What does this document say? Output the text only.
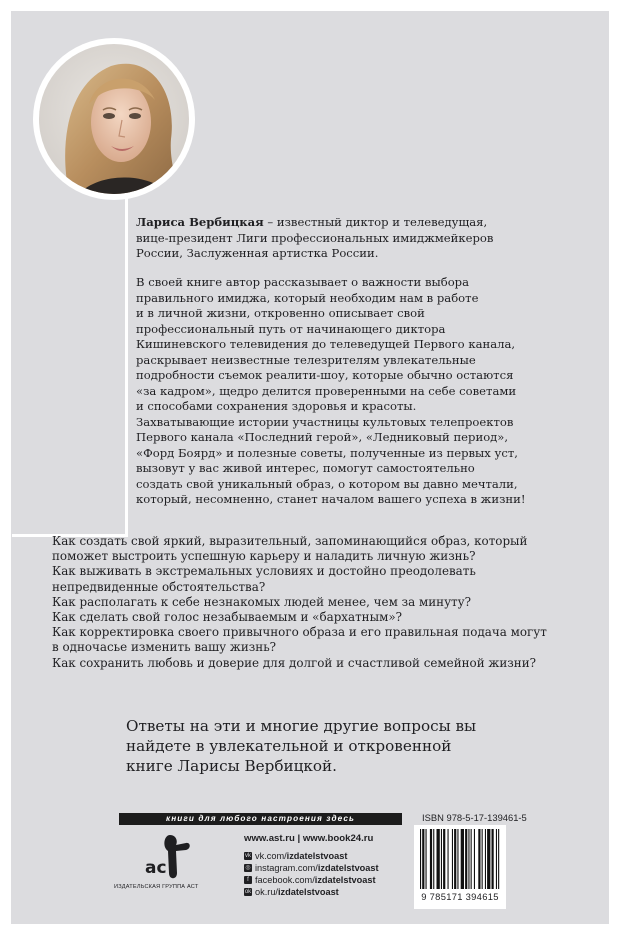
Лариса Вербицкая – известный диктор и телеведущая,

вице-президент Лиги профессиональных имиджмейкеров

России, Заслуженная артистка России.

В своей книге автор рассказывает о важности выбора

правильного имиджа, который необходим нам в работе

и в личной жизни, откровенно описывает свой

профессиональный путь от начинающего диктора

Кишиневского телевидения до телеведущей Первого канала,

раскрывает неизвестные телезрителям увлекательные

подробности съемок реалити-шоу, которые обычно остаются

«за кадром», щедро делится проверенными на себе советами

и способами сохранения здоровья и красоты.

Захватывающие истории участницы культовых телепроектов

Первого канала «Последний герой», «Ледниковый период»,

«Форд Боярд» и полезные советы, полученные из первых уст,

вызовут у вас живой интерес, помогут самостоятельно

создать свой уникальный образ, о котором вы давно мечтали,

который, несомненно, станет началом вашего успеха в жизни!

Как создать свой яркий, выразительный, запоминающийся образ, который

поможет выстроить успешную карьеру и наладить личную жизнь?

Как выживать в экстремальных условиях и достойно преодолевать

непредвиденные обстоятельства?

Как располагать к себе незнакомых людей менее, чем за минуту?

Как сделать свой голос незабываемым и «бархатным»?

Как корректировка своего привычного образа и его правильная подача могут

в одночасье изменить вашу жизнь?

Как сохранить любовь и доверие для долгой и счастливой семейной жизни?

Ответы на эти и многие другие вопросы вы

найдете в увлекательной и откровенной

книге Ларисы Вербицкой.

книги для любого настроения здесь
ас
ИЗДАТЕЛЬСКАЯ ГРУППА АСТ
www.ast.ru | www.book24.ru
vk vk.com/ izdatelstvoast
◎ instagram.com/ izdatelstvoast
f facebook.com/ izdatelstvoast
ok ok.ru/ izdatelstvoast
ISBN 978-5-17-139461-5
9 785171 394615
